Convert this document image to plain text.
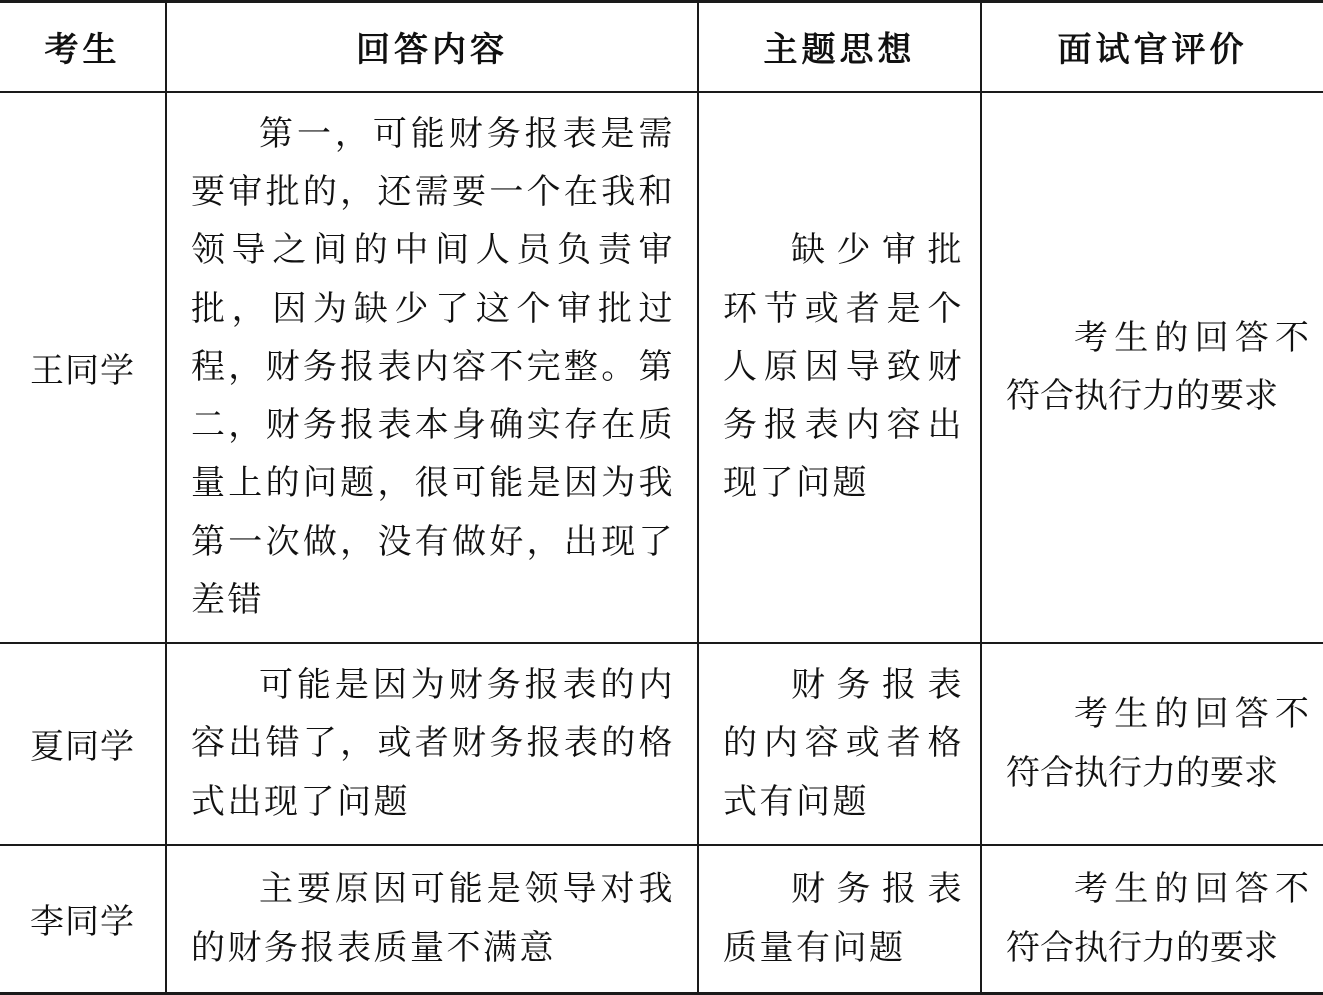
考生	回答内容	主题思想	面试官评价
王同学	第一，可能财务报表是需要审批的，还需要一个在我和领导之间的中间人员负责审批，因为缺少了这个审批过程，财务报表内容不完整。第二，财务报表本身确实存在质量上的问题，很可能是因为我第一次做，没有做好，出现了差错	缺少审批环节或者是个人原因导致财务报表内容出现了问题	考生的回答不符合执行力的要求

夏同学	可能是因为财务报表的内容出错了，或者财务报表的格式出现了问题	财务报表的内容或者格式有问题	考生的回答不符合执行力的要求

李同学	主要原因可能是领导对我的财务报表质量不满意	财务报表质量有问题	考生的回答不符合执行力的要求
